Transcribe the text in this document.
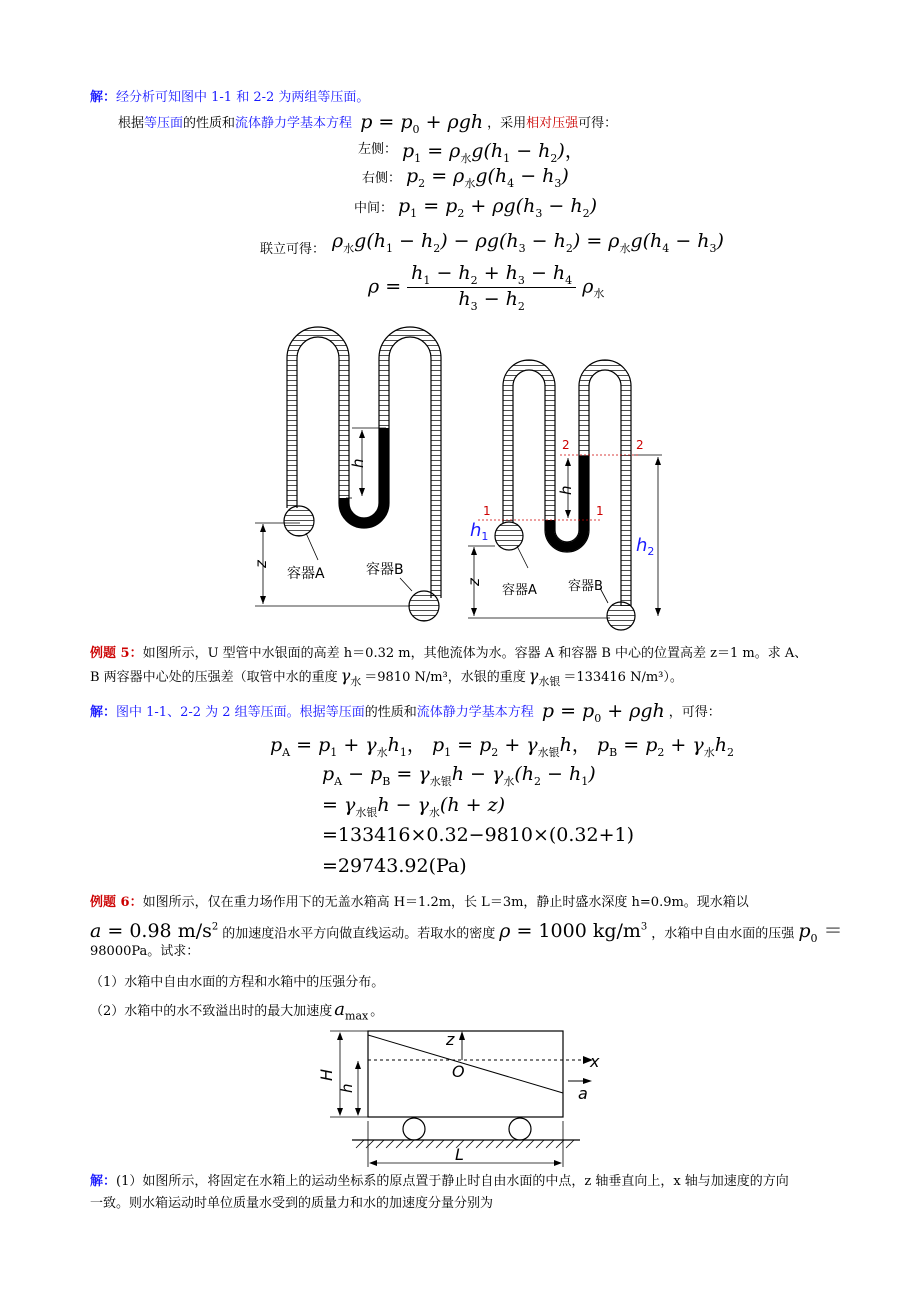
解：经分析可知图中 1-1 和 2-2 为两组等压面。
根据等压面的性质和流体静力学基本方程 $p = p_0 + \rho gh$ ，采用相对压强可得：
左侧： $p_1 = \rho_水g(h_1 - h_2)$，
右侧： $p_2 = \rho_水g(h_4 - h_3)$
中间： $p_1 = p_2 + \rho g(h_3 - h_2)$
联立可得： $\rho_水g(h_1 - h_2) - \rho g(h_3 - h_2) = \rho_水g(h_4 - h_3)$
$\rho = \frac{h_1 - h_2 + h_3 - h_4}{h_3 - h_2} \rho_水$
h
z
容器A	容器B
1	1
2	2
h
z
$h_1$	$h_2$
容器A 容器B
例题 5：如图所示，U 型管中水银面的高差 h＝0.32 m，其他流体为水。容器 A 和容器 B 中心的位置高差 z＝1 m。求 A、
B 两容器中心处的压强差（取管中水的重度 $\gamma_水 =9810$ N/m³，水银的重度 $\gamma_{水银} =133416$ N/m³）。
解：图中 1-1、2-2 为 2 组等压面。根据等压面的性质和流体静力学基本方程 $p = p_0 + \rho gh$ ，可得：
$p_A = p_1 + \gamma_水h_1$， $p_1 = p_2 + \gamma_{水银}h$， $p_B = p_2 + \gamma_水h_2$
$p_A - p_B = \gamma_{水银}h - \gamma_水(h_2 - h_1)$
= $\gamma_{水银}h - \gamma_水(h + z)$
=133416×0.32−9810×(0.32+1)
=29743.92(Pa)
例题 6：如图所示，仅在重力场作用下的无盖水箱高 H＝1.2m，长 L＝3m，静止时盛水深度 h=0.9m。现水箱以
a = 0.98 $m/s^2$ 的加速度沿水平方向做直线运动。若取水的密度 ρ = 1000 $kg/m^3$ ，水箱中自由水面的压强 $p_0$ ＝
98000Pa。试求：
（1）水箱中自由水面的方程和水箱中的压强分布。
（2）水箱中的水不致溢出时的最大加速度 $a_{max}$ 。
H
h
z
O
x
a
L
解：(1）如图所示，将固定在水箱上的运动坐标系的原点置于静止时自由水面的中点，z 轴垂直向上，x 轴与加速度的方向
一致。则水箱运动时单位质量水受到的质量力和水的加速度分量分别为
